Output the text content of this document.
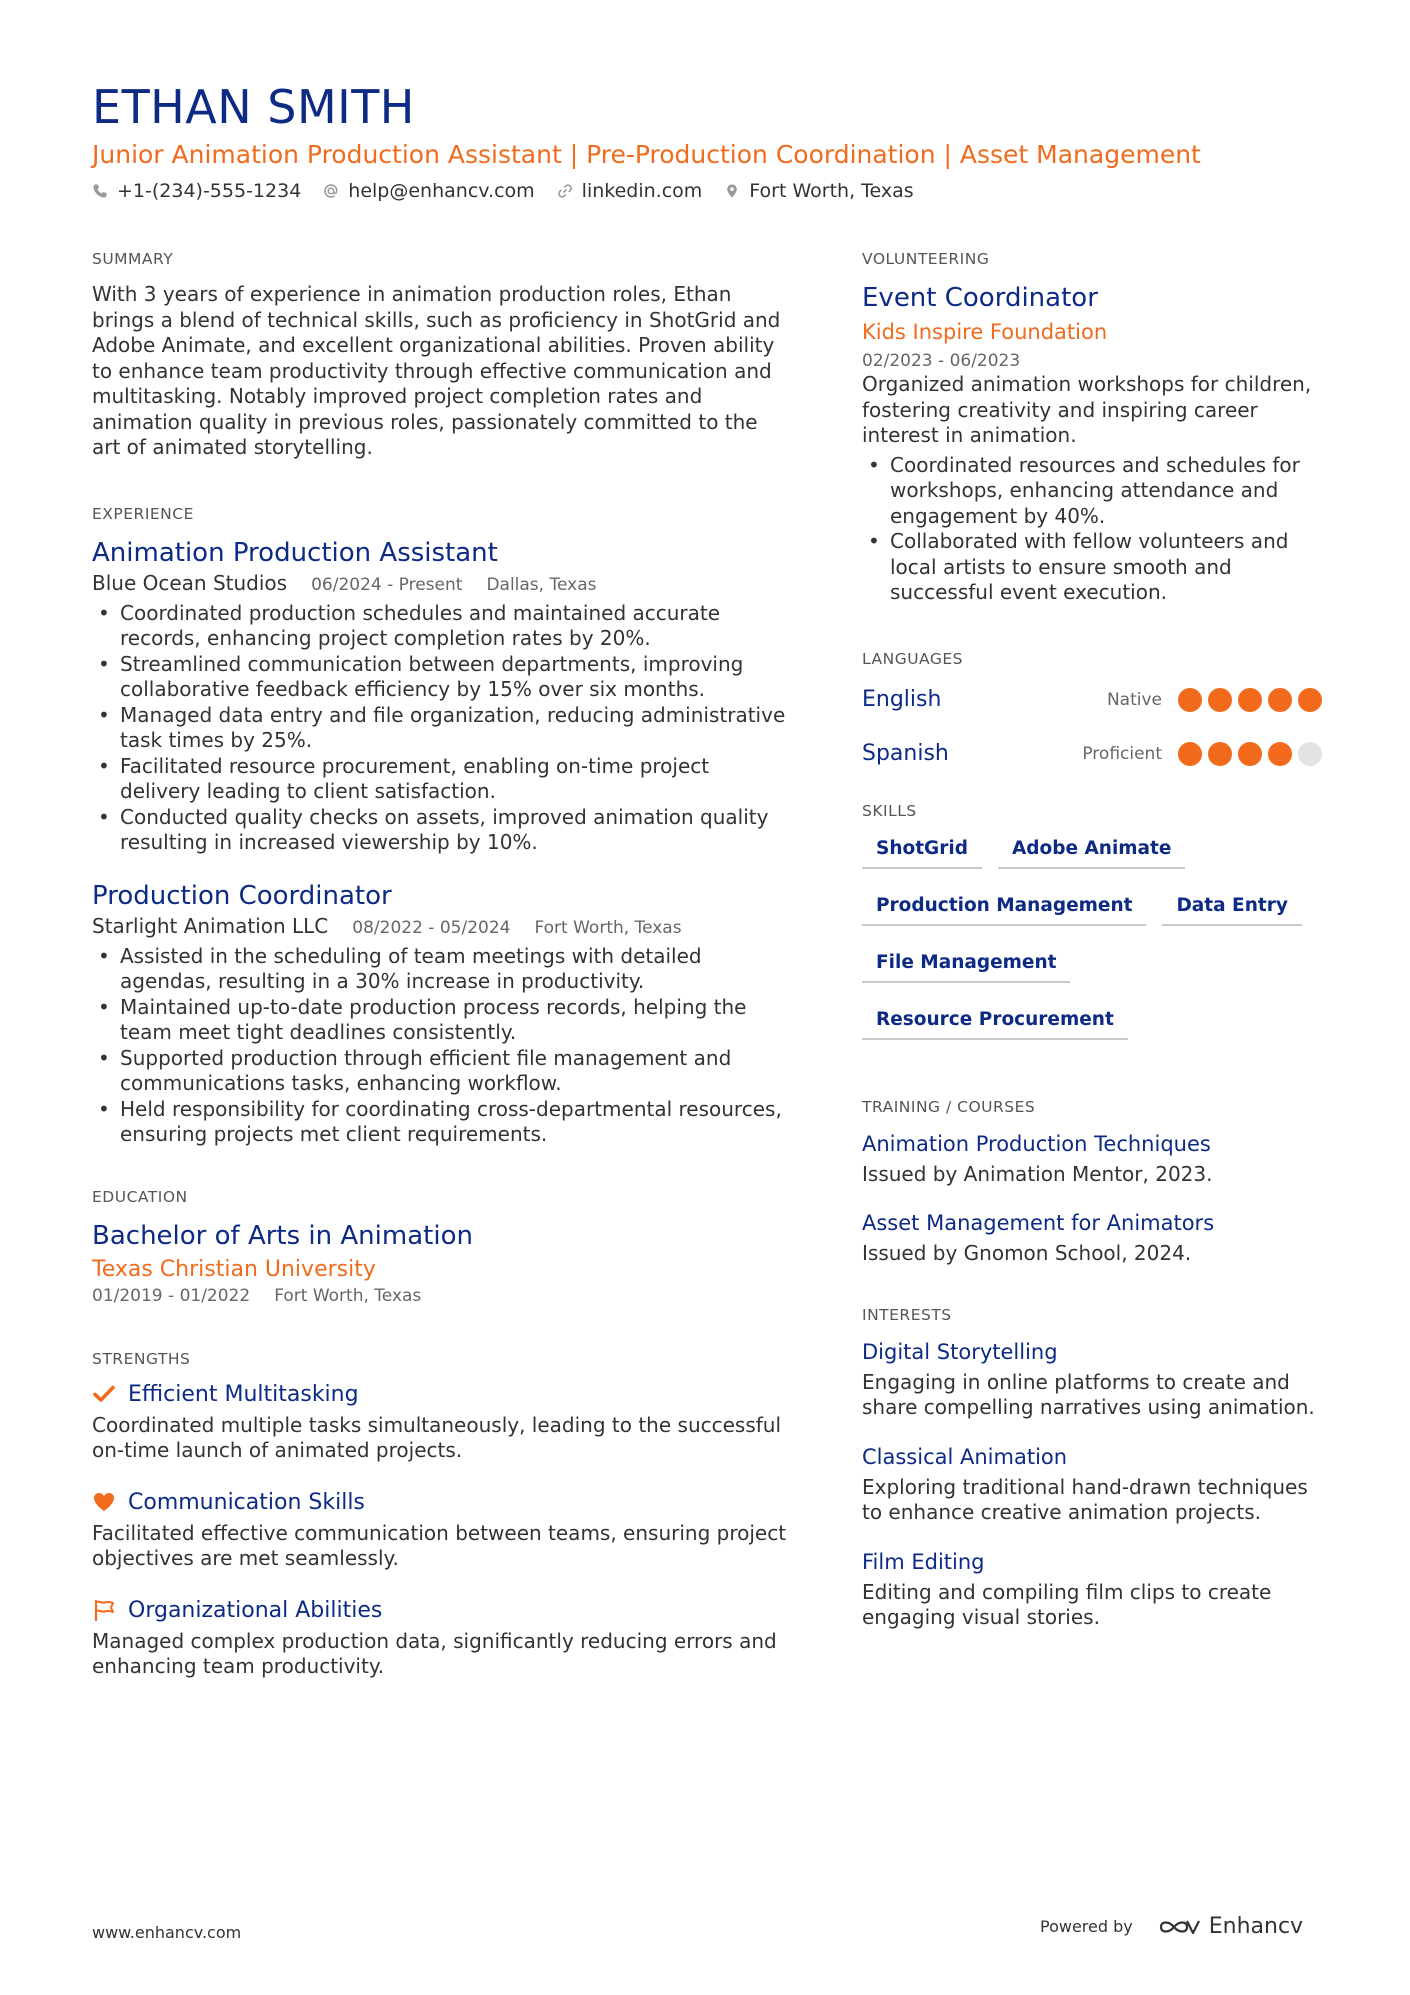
ETHAN SMITH
Junior Animation Production Assistant | Pre-Production Coordination | Asset Management
+1-(234)-555-1234 help@enhancv.com linkedin.com Fort Worth, Texas
SUMMARY

With 3 years of experience in animation production roles, Ethan brings a blend of technical skills, such as proficiency in ShotGrid and Adobe Animate, and excellent organizational abilities. Proven ability to enhance team productivity through effective communication and multitasking. Notably improved project completion rates and animation quality in previous roles, passionately committed to the art of animated storytelling.

EXPERIENCE
Animation Production Assistant
Blue Ocean Studios 06/2024 - Present Dallas, Texas
• Coordinated production schedules and maintained accurate records, enhancing project completion rates by 20%.
• Streamlined communication between departments, improving collaborative feedback efficiency by 15% over six months.
• Managed data entry and file organization, reducing administrative task times by 25%.
• Facilitated resource procurement, enabling on-time project delivery leading to client satisfaction.
• Conducted quality checks on assets, improved animation quality resulting in increased viewership by 10%.
Production Coordinator
Starlight Animation LLC 08/2022 - 05/2024 Fort Worth, Texas
• Assisted in the scheduling of team meetings with detailed agendas, resulting in a 30% increase in productivity.
• Maintained up-to-date production process records, helping the team meet tight deadlines consistently.
• Supported production through efficient file management and communications tasks, enhancing workflow.
• Held responsibility for coordinating cross-departmental resources, ensuring projects met client requirements.
EDUCATION
Bachelor of Arts in Animation
Texas Christian University
01/2019 - 01/2022 Fort Worth, Texas
STRENGTHS
Efficient Multitasking

Coordinated multiple tasks simultaneously, leading to the successful on-time launch of animated projects.

Communication Skills

Facilitated effective communication between teams, ensuring project objectives are met seamlessly.

Organizational Abilities

Managed complex production data, significantly reducing errors and enhancing team productivity.

VOLUNTEERING
Event Coordinator
Kids Inspire Foundation
02/2023 - 06/2023

Organized animation workshops for children, fostering creativity and inspiring career interest in animation.

• Coordinated resources and schedules for workshops, enhancing attendance and engagement by 40%.
• Collaborated with fellow volunteers and local artists to ensure smooth and successful event execution.
LANGUAGES
English	Native
Spanish	Proficient
SKILLS
ShotGrid	Adobe Animate
Production Management	Data Entry
File Management
Resource Procurement
TRAINING / COURSES
Animation Production Techniques
Issued by Animation Mentor, 2023.
Asset Management for Animators
Issued by Gnomon School, 2024.
INTERESTS
Digital Storytelling

Engaging in online platforms to create and share compelling narratives using animation.

Classical Animation

Exploring traditional hand-drawn techniques to enhance creative animation projects.

Film Editing

Editing and compiling film clips to create engaging visual stories.

www.enhancv.com	Powered by	Enhancv
